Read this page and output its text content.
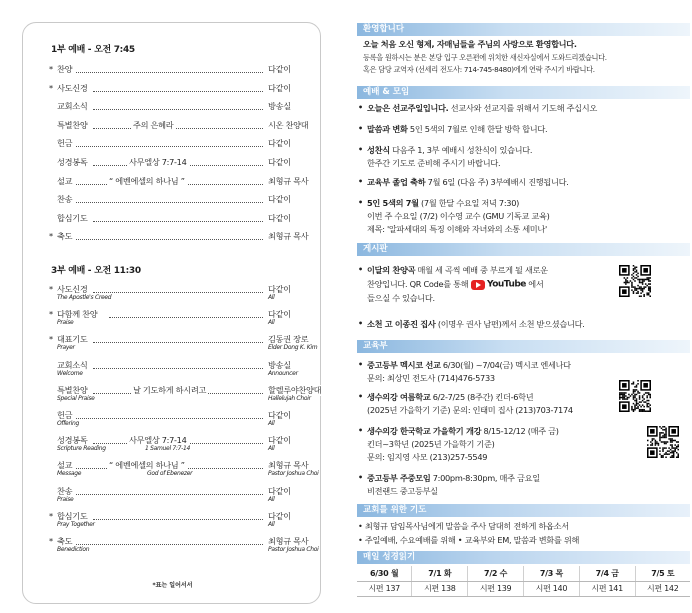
1부 예배 - 오전 7:45
* 찬양	다같이
* 사도신경	다같이
교회소식	방송실
특별찬양	주의 은혜라	시온 찬양대
헌금	다같이
성경봉독	사무엘상 7:7-14	다같이
설교	“ 에벤에셀의 하나님 ”	최형규 목사
찬송	다같이
합심기도	다같이
* 축도	최형규 목사
3부 예배 - 오전 11:30
* 사도신경	다같이
The Apostle's Creed	All
* 다함께 찬양	다같이
Praise	All
* 대표기도	김동권 장로
Prayer	Elder Dong K. Kim
교회소식	방송실
Welcome	Announcer
특별찬양	날 기도하게 하시려고	할렐루야찬양대
Special Praise	Hallelujah Choir
헌금	다같이
Offering	All
성경봉독	사무엘상 7:7-14	다같이
Scripture Reading	All
1 Samuel 7:7-14
설교	“ 에벤에셀의 하나님 ”	최형규 목사
Message	Pastor Joshua Choi
God of Ebenezer
찬송	다같이
Praise	All
* 합심기도	다같이
Pray Together	All
* 축도	최형규 목사
Benediction	Pastor Joshua Choi
*표는 일어서서
환영합니다
오늘 처음 오신 형제, 자매님들을 주님의 사랑으로 환영합니다.
등록을 원하시는 분은 본당 입구 오른편에 위치한 새신자실에서 도와드리겠습니다.
혹은 담당 교역자 (선세리 전도사: 714-745-8480)에게 연락 주시기 바랍니다.
예배 & 모임
• 오늘은 선교주일입니다. 선교사와 선교지를 위해서 기도해 주십시오
• 말씀과 변화 5인 5색의 7월로 인해 한달 방학 합니다.
• 성찬식 다음주 1, 3부 예배시 성찬식이 있습니다.
한주간 기도로 준비해 주시기 바랍니다.
• 교육부 졸업 축하 7월 6일 (다음 주) 3부예배시 진행됩니다.
• 5인 5색의 7월 (7월 한달 수요일 저녁 7:30)
이번 주 수요일 (7/2) 이수영 교수 (GMU 기독교 교육)
제목: '알파세대의 특징 이해와 자녀와의 소통 세미나'
게시판
• 이달의 찬양곡 매월 세 곡씩 예배 중 부르게 될 새로운
찬양입니다. QR Code를 통해 YouTube 에서
들으실 수 있습니다.
• 소천 고 이종진 집사 (이명우 권사 남편)께서 소천 받으셨습니다.
교육부
• 중고등부 멕시코 선교 6/30(월) ~7/04(금) 멕시코 엔세나다
문의: 최상민 전도사 (714)476-5733
• 생수의강 여름학교 6/2-7/25 (8주간) 킨더-6학년
(2025년 가을학기 기준) 문의: 인태미 집사 (213)703-7174
• 생수의강 한국학교 가을학기 개강 8/15-12/12 (매주 금)
킨더~3학년 (2025년 가을학기 기준)
문의: 임지영 사모 (213)257-5549
• 중고등부 주중모임 7:00pm-8:30pm, 매주 금요일
비전랜드 중고등부실
교회를 위한 기도
• 최형규 담임목사님에게 말씀을 주사 담대히 전하게 하옵소서
• 주일예배, 수요예배를 위해 • 교육부와 EM, 말씀과 변화를 위해
매일 성경읽기
6/30 월	7/1 화	7/2 수	7/3 목	7/4 금	7/5 토
시편 137	시편 138	시편 139	시편 140	시편 141	시편 142
